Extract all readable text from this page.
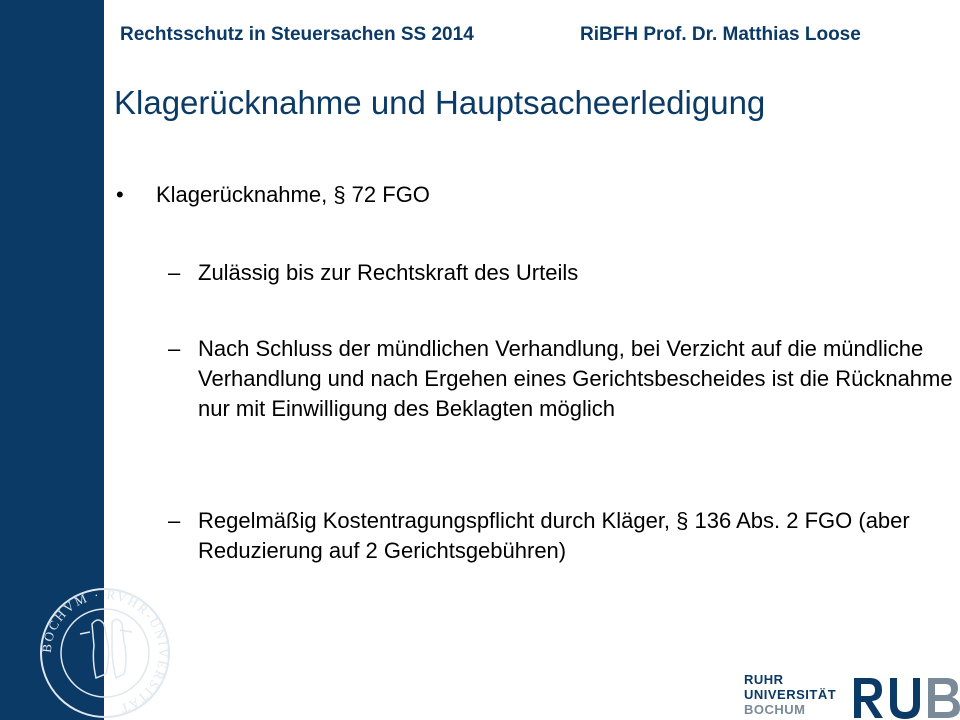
Rechtsschutz in Steuersachen SS 2014	RiBFH Prof. Dr. Matthias Loose
Klagerücknahme und Hauptsacheerledigung
•	Klagerücknahme, § 72 FGO
– Zulässig bis zur Rechtskraft des Urteils
– Nach Schluss der mündlichen Verhandlung, bei Verzicht auf die mündliche Verhandlung und nach Ergehen eines Gerichtsbescheides ist die Rücknahme nur mit Einwilligung des Beklagten möglich
– Regelmäßig Kostentragungspflicht durch Kläger, § 136 Abs. 2 FGO (aber Reduzierung auf 2 Gerichtsgebühren)
BOCHVM · RVHR-UNIVERSITAT
RUHR
UNIVERSITÄT
BOCHUM
